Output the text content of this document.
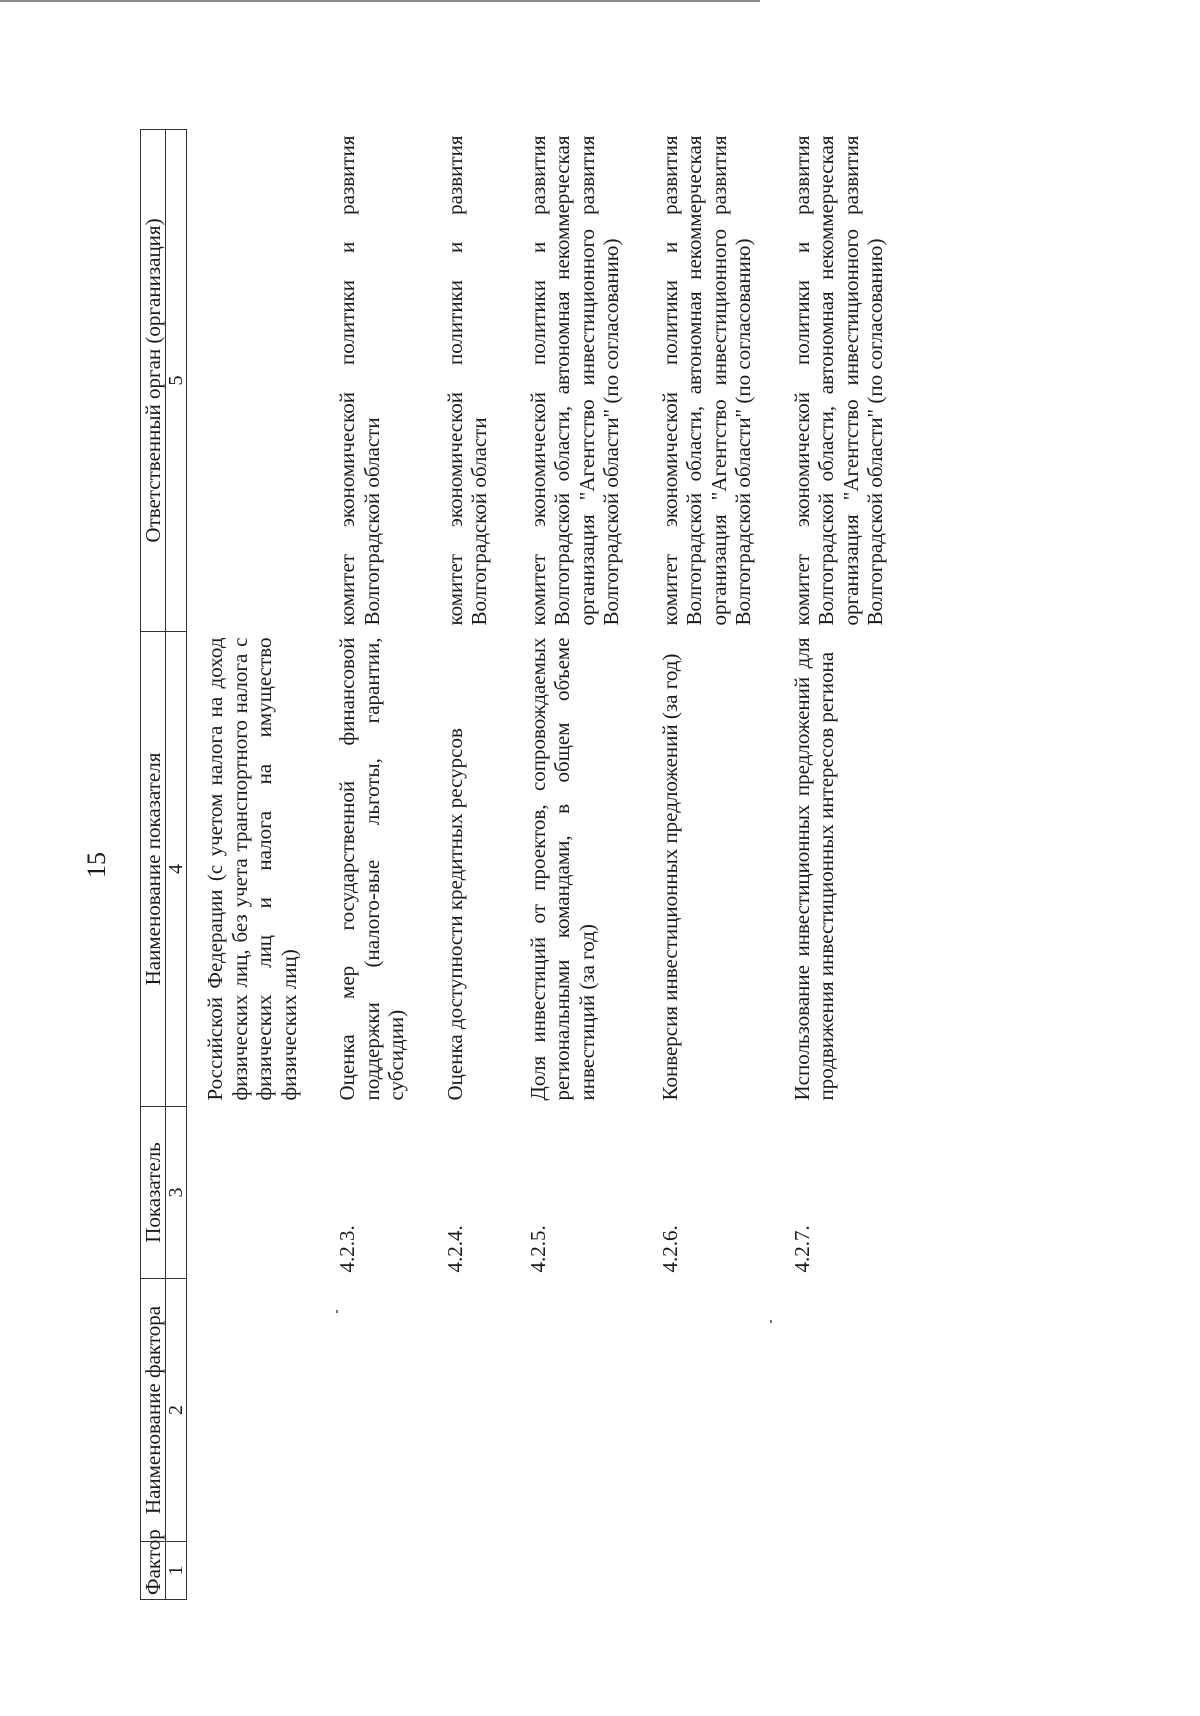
15
Фактор	Наименование фактора	Показатель	Наименование показателя	Ответственный орган (организация)
1	2	3	4	5
			Российской Федерации (с учетом налога на доход физических лиц, без учета транспортного налога с физических лиц и налога на имущество физических лиц)	
		4.2.3.	Оценка мер государственной финансовой поддержки (налого-вые льготы, гарантии, субсидии)	комитет экономической политики и развития Волгоградской области
		4.2.4.	Оценка доступности кредитных ресурсов	комитет экономической политики и развития Волгоградской области
		4.2.5.	Доля инвестиций от проектов, сопровождаемых региональными командами, в общем объеме инвестиций (за год)	комитет экономической политики и развития Волгоградской области, автономная некоммерческая организация "Агентство инвестиционного развития Волгоградской области" (по согласованию)
		4.2.6.	Конверсия инвестиционных предложений (за год)	комитет экономической политики и развития Волгоградской области, автономная некоммерческая организация "Агентство инвестиционного развития Волгоградской области" (по согласованию)
		4.2.7.	Использование инвестиционных предложений для продвижения инвестиционных интересов региона	комитет экономической политики и развития Волгоградской области, автономная некоммерческая организация "Агентство инвестиционного развития Волгоградской области" (по согласованию)
